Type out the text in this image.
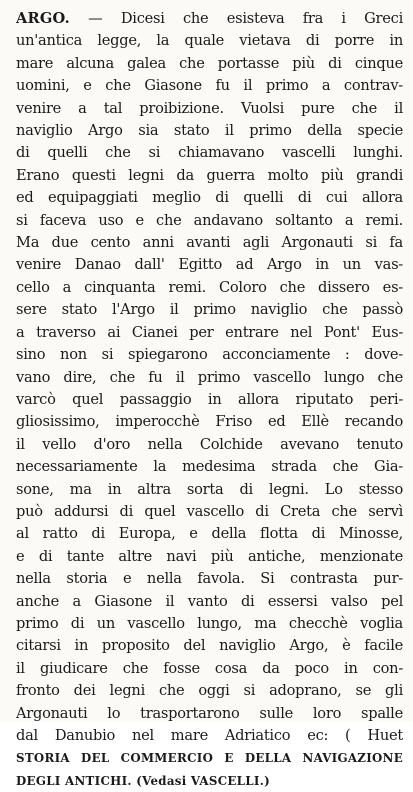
ARGO. — Dicesi che esisteva fra i Greci
un'antica legge, la quale vietava di porre in
mare alcuna galea che portasse più di cinque
uomini, e che Giasone fu il primo a contrav-
venire a tal proibizione. Vuolsi pure che il
naviglio Argo sia stato il primo della specie
di quelli che si chiamavano vascelli lunghi.
Erano questi legni da guerra molto più grandi
ed equipaggiati meglio di quelli di cui allora
si faceva uso e che andavano soltanto a remi.
Ma due cento anni avanti agli Argonauti si fa
venire Danao dall' Egitto ad Argo in un vas-
cello a cinquanta remi. Coloro che dissero es-
sere stato l'Argo il primo naviglio che passò
a traverso ai Cianei per entrare nel Pont' Eus-
sino non si spiegarono acconciamente : dove-
vano dire, che fu il primo vascello lungo che
varcò quel passaggio in allora riputato peri-
gliosissimo, imperocchè Friso ed Ellè recando
il vello d'oro nella Colchide avevano tenuto
necessariamente la medesima strada che Gia-
sone, ma in altra sorta di legni. Lo stesso
può addursi di quel vascello di Creta che servì
al ratto di Europa, e della flotta di Minosse,
e di tante altre navi più antiche, menzionate
nella storia e nella favola. Si contrasta pur-
anche a Giasone il vanto di essersi valso pel
primo di un vascello lungo, ma checchè voglia
citarsi in proposito del naviglio Argo, è facile
il giudicare che fosse cosa da poco in con-
fronto dei legni che oggi si adoprano, se gli
Argonauti lo trasportarono sulle loro spalle
dal Danubio nel mare Adriatico ec: ( Huet
STORIA DEL COMMERCIO E DELLA NAVIGAZIONE
DEGLI ANTICHI. (Vedasi VASCELLI.)
